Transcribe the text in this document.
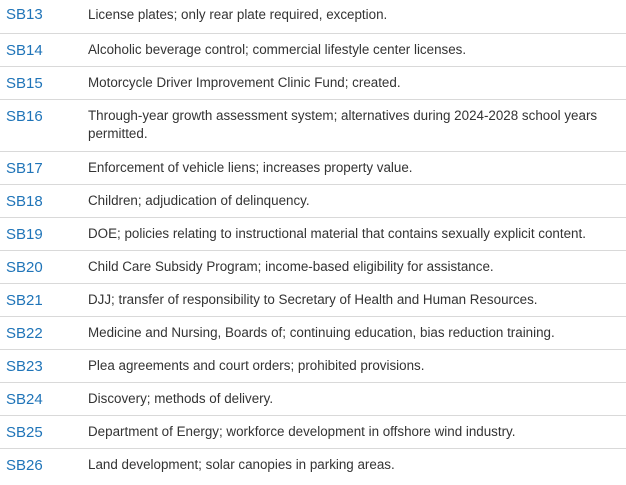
SB13	License plates; only rear plate required, exception.

SB14	Alcoholic beverage control; commercial lifestyle center licenses.

SB15	Motorcycle Driver Improvement Clinic Fund; created.

SB16	Through-year growth assessment system; alternatives during 2024-2028 school years permitted.

SB17	Enforcement of vehicle liens; increases property value.

SB18	Children; adjudication of delinquency.

SB19	DOE; policies relating to instructional material that contains sexually explicit content.

SB20	Child Care Subsidy Program; income-based eligibility for assistance.

SB21	DJJ; transfer of responsibility to Secretary of Health and Human Resources.

SB22	Medicine and Nursing, Boards of; continuing education, bias reduction training.

SB23	Plea agreements and court orders; prohibited provisions.

SB24	Discovery; methods of delivery.

SB25	Department of Energy; workforce development in offshore wind industry.

SB26	Land development; solar canopies in parking areas.
